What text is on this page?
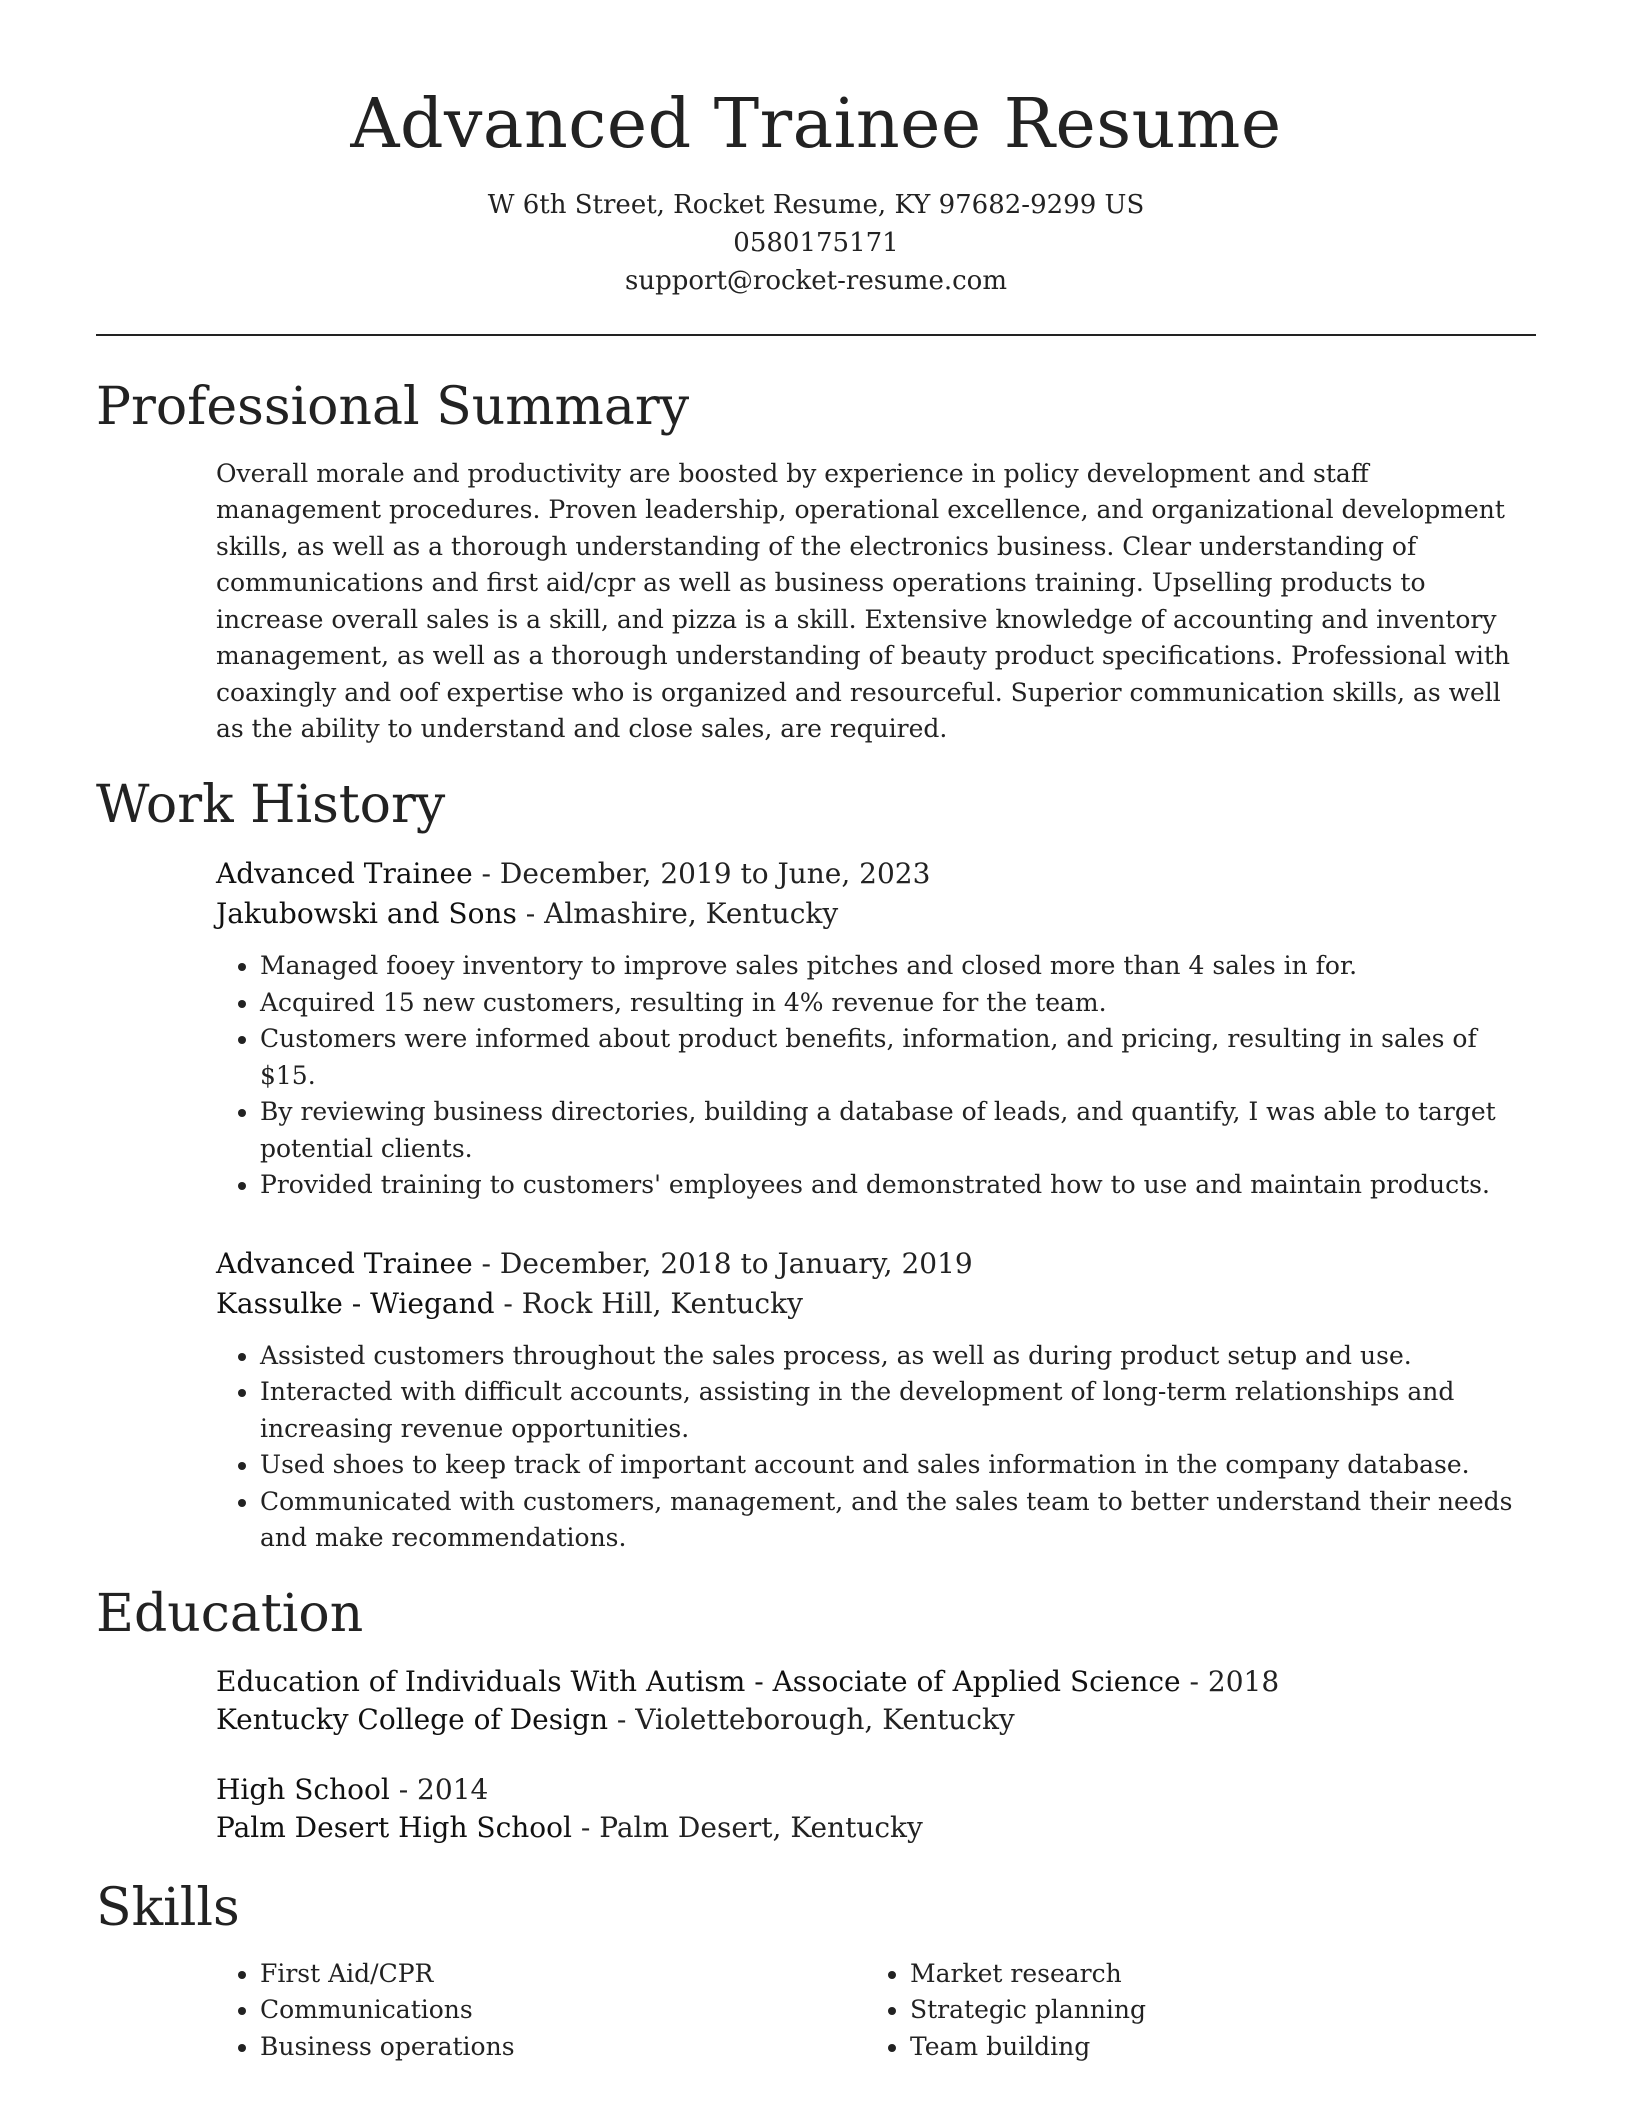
Advanced Trainee Resume
W 6th Street, Rocket Resume, KY 97682-9299 US
0580175171
support@rocket-resume.com
Professional Summary

Overall morale and productivity are boosted by experience in policy development and staff management procedures. Proven leadership, operational excellence, and organizational development skills, as well as a thorough understanding of the electronics business. Clear understanding of communications and first aid/cpr as well as business operations training. Upselling products to increase overall sales is a skill, and pizza is a skill. Extensive knowledge of accounting and inventory management, as well as a thorough understanding of beauty product specifications. Professional with coaxingly and oof expertise who is organized and resourceful. Superior communication skills, as well as the ability to understand and close sales, are required.

Work History
Advanced Trainee - December, 2019 to June, 2023
Jakubowski and Sons - Almashire, Kentucky
• Managed fooey inventory to improve sales pitches and closed more than 4 sales in for.
• Acquired 15 new customers, resulting in 4% revenue for the team.
• Customers were informed about product benefits, information, and pricing, resulting in sales of $15.
• By reviewing business directories, building a database of leads, and quantify, I was able to target potential clients.
• Provided training to customers' employees and demonstrated how to use and maintain products.
Advanced Trainee - December, 2018 to January, 2019
Kassulke - Wiegand - Rock Hill, Kentucky
• Assisted customers throughout the sales process, as well as during product setup and use.
• Interacted with difficult accounts, assisting in the development of long-term relationships and increasing revenue opportunities.
• Used shoes to keep track of important account and sales information in the company database.
• Communicated with customers, management, and the sales team to better understand their needs and make recommendations.
Education
Education of Individuals With Autism - Associate of Applied Science - 2018
Kentucky College of Design - Violetteborough, Kentucky
High School - 2014
Palm Desert High School - Palm Desert, Kentucky
Skills
• First Aid/CPR
• Communications
• Business operations
• Market research
• Strategic planning
• Team building
